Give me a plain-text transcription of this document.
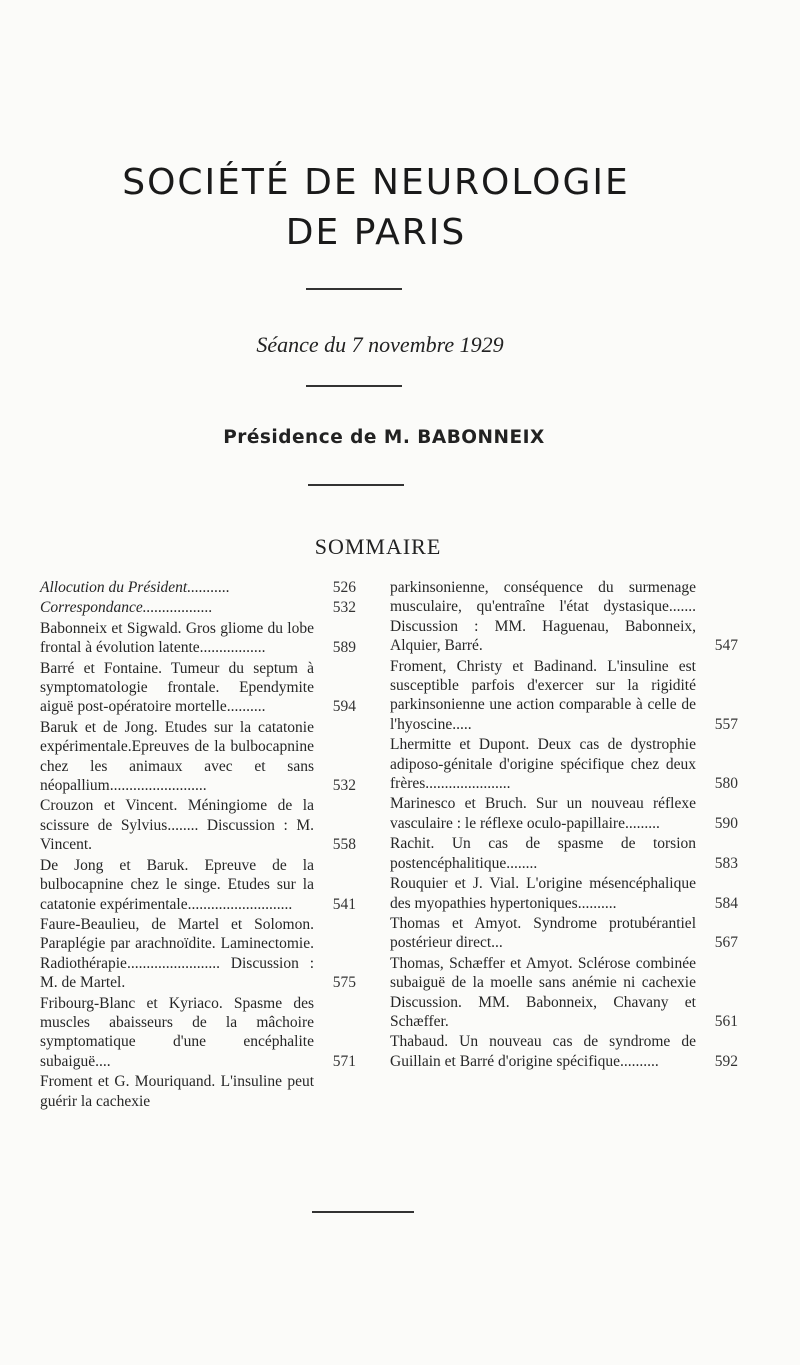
SOCIÉTÉ DE NEUROLOGIE
DE PARIS
Séance du 7 novembre 1929
Présidence de M. BABONNEIX
SOMMAIRE
Allocution du Président...........	526
Correspondance..................	532
Babonneix et Sigwald. Gros gliome du lobe frontal à évolution latente.................	589
Barré et Fontaine. Tumeur du septum à symptomatologie frontale. Ependymite aiguë post-opératoire mortelle..........	594
Baruk et de Jong. Etudes sur la catatonie expérimentale.Epreuves de la bulbocapnine chez les animaux avec et sans néopallium.........................	532
Crouzon et Vincent. Méningiome de la scissure de Sylvius........ Discussion : M. Vincent.	558
De Jong et Baruk. Epreuve de la bulbocapnine chez le singe. Etudes sur la catatonie expérimentale...........................	541
Faure-Beaulieu, de Martel et Solomon. Paraplégie par arachnoïdite. Laminectomie. Radiothérapie........................ Discussion : M. de Martel.	575
Fribourg-Blanc et Kyriaco. Spasme des muscles abaisseurs de la mâchoire symptomatique d'une encéphalite subaiguë....	571
Froment et G. Mouriquand. L'insuline peut guérir la cachexie
parkinsonienne, conséquence du surmenage musculaire, qu'entraîne l'état dystasique....... Discussion : MM. Haguenau, Babonneix, Alquier, Barré.	547
Froment, Christy et Badinand. L'insuline est susceptible parfois d'exercer sur la rigidité parkinsonienne une action comparable à celle de l'hyoscine.....	557
Lhermitte et Dupont. Deux cas de dystrophie adiposo-génitale d'origine spécifique chez deux frères......................	580
Marinesco et Bruch. Sur un nouveau réflexe vasculaire : le réflexe oculo-papillaire.........	590
Rachit. Un cas de spasme de torsion postencéphalitique........	583
Rouquier et J. Vial. L'origine mésencéphalique des myopathies hypertoniques..........	584
Thomas et Amyot. Syndrome protubérantiel postérieur direct...	567
Thomas, Schæffer et Amyot. Sclérose combinée subaiguë de la moelle sans anémie ni cachexie Discussion. MM. Babonneix, Chavany et Schæffer.	561
Thabaud. Un nouveau cas de syndrome de Guillain et Barré d'origine spécifique..........	592
